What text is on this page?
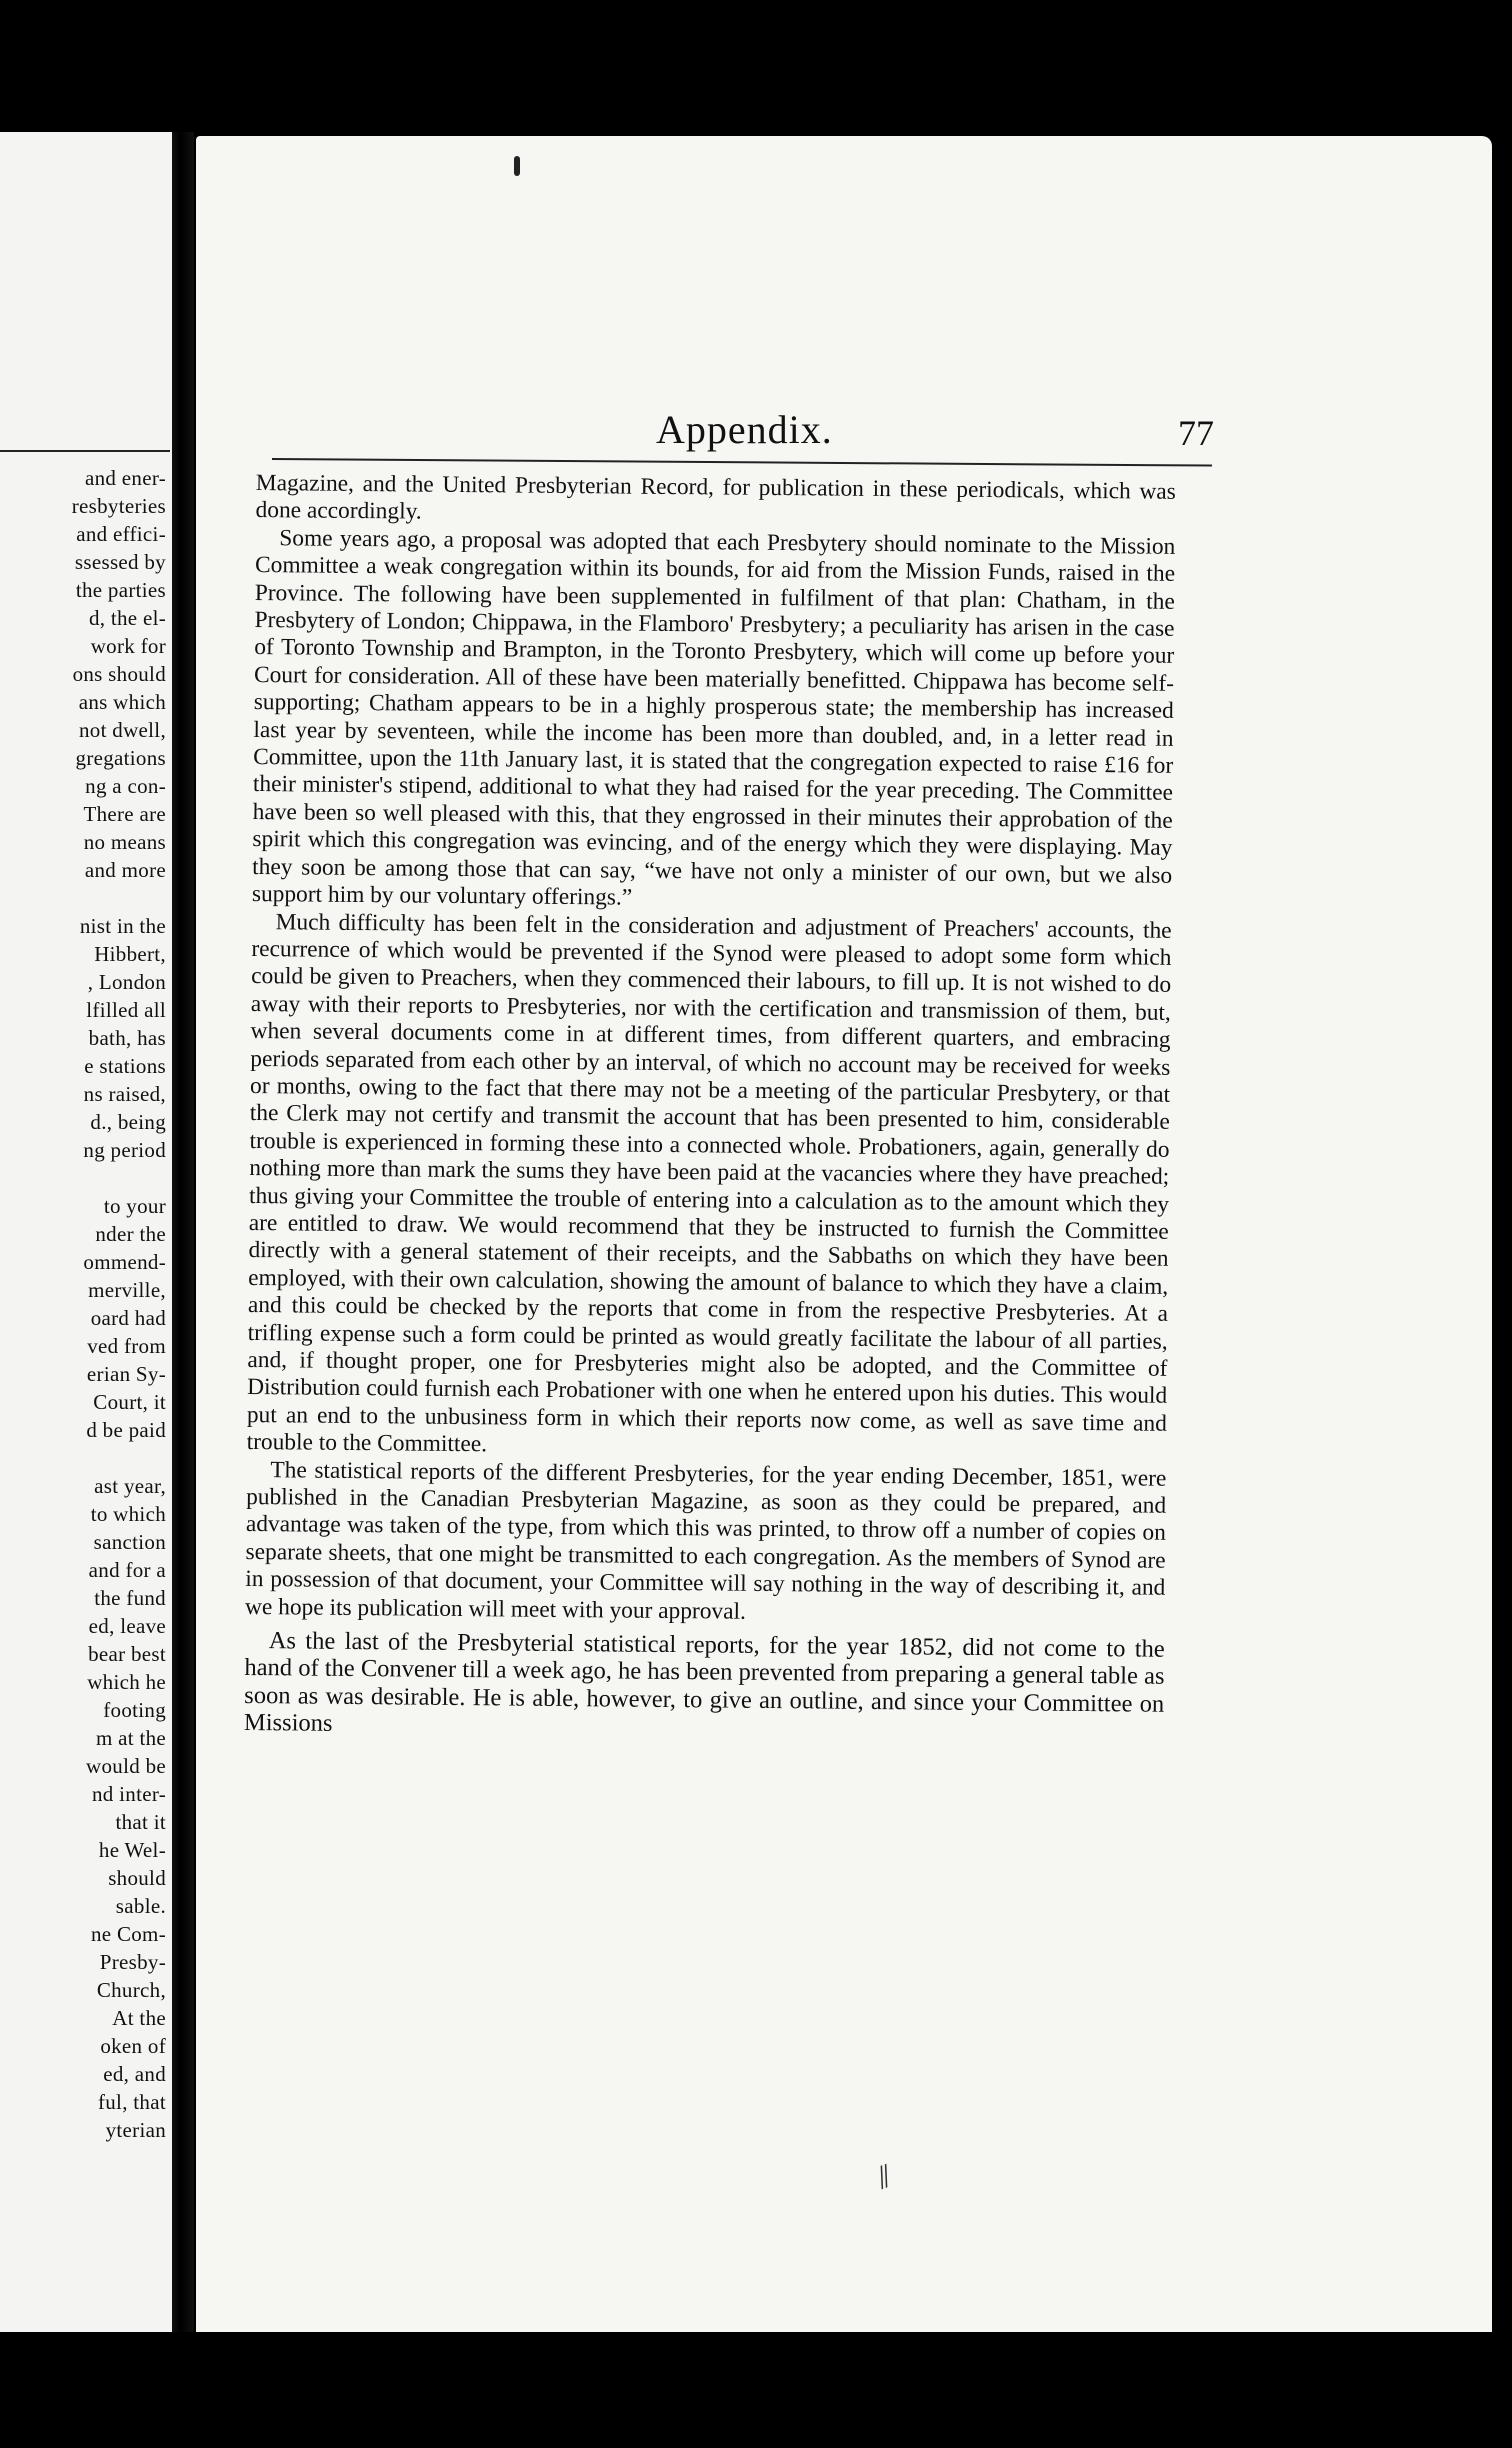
and ener-
resbyteries
and effici-
ssessed by
the parties
d, the el-
work for
ons should
ans which
not dwell,
gregations
ng a con-
There are
no means
and more
nist in the
Hibbert,
, London
lfilled all
bath, has
e stations
ns raised,
d., being
ng period
to your
nder the
ommend-
merville,
oard had
ved from
erian Sy-
Court, it
d be paid
ast year,
to which
sanction
and for a
the fund
ed, leave
bear best
which he
footing
m at the
would be
nd inter-
that it
he Wel-
should
sable.
ne Com-
Presby-
Church,
At the
oken of
ed, and
ful, that
yterian
Appendix.	77

Magazine, and the United Presbyterian Record, for publication in these periodicals, which was done accordingly.

Some years ago, a proposal was adopted that each Presbytery should nominate to the Mission Committee a weak congregation within its bounds, for aid from the Mission Funds, raised in the Province. The following have been supplemented in fulfilment of that plan: Chatham, in the Presbytery of London; Chippawa, in the Flamboro' Presbytery; a peculiarity has arisen in the case of Toronto Township and Brampton, in the Toronto Presbytery, which will come up before your Court for consideration. All of these have been materially benefitted. Chippawa has become self-supporting; Chatham appears to be in a highly prosperous state; the membership has increased last year by seventeen, while the income has been more than doubled, and, in a letter read in Committee, upon the 11th January last, it is stated that the congregation expected to raise £16 for their minister's stipend, additional to what they had raised for the year preceding. The Committee have been so well pleased with this, that they engrossed in their minutes their approbation of the spirit which this congregation was evincing, and of the energy which they were displaying. May they soon be among those that can say, “we have not only a minister of our own, but we also support him by our voluntary offerings.”

Much difficulty has been felt in the consideration and adjustment of Preachers' accounts, the recurrence of which would be prevented if the Synod were pleased to adopt some form which could be given to Preachers, when they commenced their labours, to fill up. It is not wished to do away with their reports to Presbyteries, nor with the certification and transmission of them, but, when several documents come in at different times, from different quarters, and embracing periods separated from each other by an interval, of which no account may be received for weeks or months, owing to the fact that there may not be a meeting of the particular Presbytery, or that the Clerk may not certify and transmit the account that has been presented to him, considerable trouble is experienced in forming these into a connected whole. Probationers, again, generally do nothing more than mark the sums they have been paid at the vacancies where they have preached; thus giving your Committee the trouble of entering into a calculation as to the amount which they are entitled to draw. We would recommend that they be instructed to furnish the Committee directly with a general statement of their receipts, and the Sabbaths on which they have been employed, with their own calculation, showing the amount of balance to which they have a claim, and this could be checked by the reports that come in from the respective Presbyteries. At a trifling expense such a form could be printed as would greatly facilitate the labour of all parties, and, if thought proper, one for Presbyteries might also be adopted, and the Committee of Distribution could furnish each Probationer with one when he entered upon his duties. This would put an end to the unbusiness form in which their reports now come, as well as save time and trouble to the Committee.

The statistical reports of the different Presbyteries, for the year ending December, 1851, were published in the Canadian Presbyterian Magazine, as soon as they could be prepared, and advantage was taken of the type, from which this was printed, to throw off a number of copies on separate sheets, that one might be transmitted to each congregation. As the members of Synod are in possession of that document, your Committee will say nothing in the way of describing it, and we hope its publication will meet with your approval.

As the last of the Presbyterial statistical reports, for the year 1852, did not come to the hand of the Convener till a week ago, he has been prevented from preparing a general table as soon as was desirable. He is able, however, to give an outline, and since your Committee on Missions

⫽
